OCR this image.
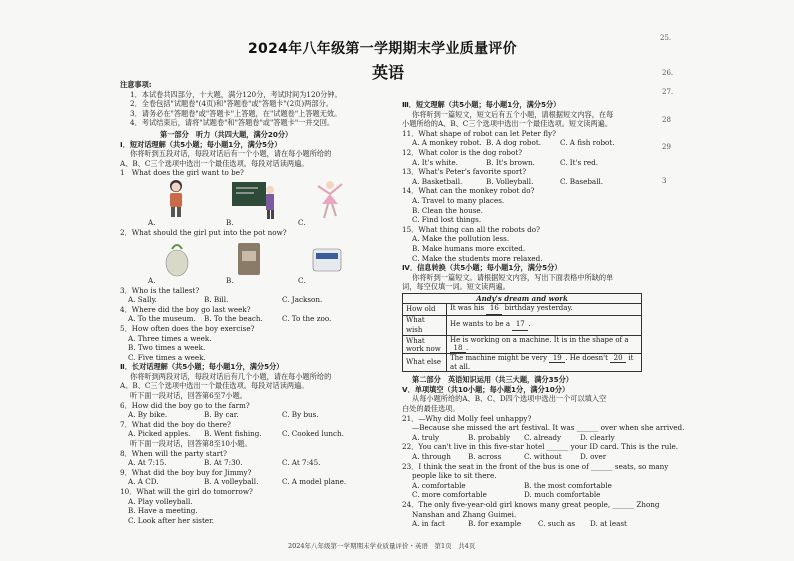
2024年八年级第一学期期末学业质量评价
英语
25.
26.
27.
28
29
3
注意事项:
1．本试卷共四部分，十大题，满分120分，考试时间为120分钟。
2．全卷包括"试题卷"(4页)和"答题卷"或"答题卡"(2页)两部分。
3．请务必在"答题卷"或"答题卡"上答题，在"试题卷"上答题无效。
4．考试结束后，请将"试题卷"和"答题卷"或"答题卡"一并交回。
第一部分　听力（共四大题，满分20分）
Ⅰ．短对话理解（共5小题；每小题1分，满分5分）
你将听到五段对话，每段对话后有一个小题，请在每小题所给的
A、B、C三个选项中选出一个最佳选项。每段对话读两遍。
1　What does the girl want to be?
A.	B.	C.
2．What should the girl put into the pot now?
A.	B.	C.
3．Who is the tallest?
A. Sally.	B. Bill.	C. Jackson.
4．Where did the boy go last week?
A. To the museum.	B. To the beach.	C. To the zoo.
5．How often does the boy exercise?
A. Three times a week.
B. Two times a week.
C. Five times a week.
Ⅱ．长对话理解（共5小题；每小题1分，满分5分）
你将听到两段对话，每段对话后有几个小题，请在每小题所给的
A、B、C三个选项中选出一个最佳选项。每段对话读两遍。
听下面一段对话，回答第6至7小题。
6．How did the boy go to the farm?
A. By bike.	B. By car.	C. By bus.
7．What did the boy do there?
A. Picked apples.	B. Went fishing.	C. Cooked lunch.
听下面一段对话，回答第8至10小题。
8．When will the party start?
A. At 7:15.	B. At 7:30.	C. At 7:45.
9．What did the boy buy for Jimmy?
A. A CD.	B. A volleyball.	C. A model plane.
10．What will the girl do tomorrow?
A. Play volleyball.
B. Have a meeting.
C. Look after her sister.
Ⅲ．短文理解（共5小题；每小题1分，满分5分）
你将听到一篇短文，短文后有五个小题，请根据短文内容，在每
小题所给的A、B、C三个选项中选出一个最佳选项。短文读两遍。
11．What shape of robot can let Peter fly?
A. A monkey robot. B. A dog robot.	C. A fish robot.
12．What color is the dog robot?
A. It's white.	B. It's brown.	C. It's red.
13．What's Peter's favorite sport?
A. Basketball.	B. Volleyball.	C. Baseball.
14．What can the monkey robot do?
A. Travel to many places.
B. Clean the house.
C. Find lost things.
15．What thing can all the robots do?
A. Make the pollution less.
B. Make humans more excited.
C. Make the students more relaxed.
Ⅳ．信息转换（共5小题；每小题1分，满分5分）
你将听到一篇短文。请根据短文内容，写出下面表格中所缺的单
词，每空仅填一词。短文读两遍。
Andy's dream and work	
How old	It was his 16 birthday yesterday.
What wish	He wants to be a 17 .
What work now	He is working on a machine. It is in the shape of a 18 .
What else	The machine might be very 19 . He doesn't 20 it at all.
第二部分　英语知识运用（共三大题，满分35分）
Ⅴ．单项填空（共10小题；每小题1分，满分10分）
从每小题所给的A、B、C、D四个选项中选出一个可以填入空
白处的最佳选项。
21．—Why did Molly feel unhappy?
—Because she missed the art festival. It was ______ over when she arrived.
A. truly	B. probably	C. already	D. clearly
22．You can't live in this five-star hotel ______ your ID card. This is the rule.
A. through	B. across	C. without	D. over
23．I think the seat in the front of the bus is one of ______ seats, so many
people like to sit there.
A. comfortable	B. the most comfortable
C. more comfortable	D. much comfortable
24．The only five-year-old girl knows many great people, ______ Zhong
Nanshan and Zhang Guimei.
A. in fact	B. for example	C. such as	D. at least
2024年八年级第一学期期末学业质量评价・英语　第1页　共4页
